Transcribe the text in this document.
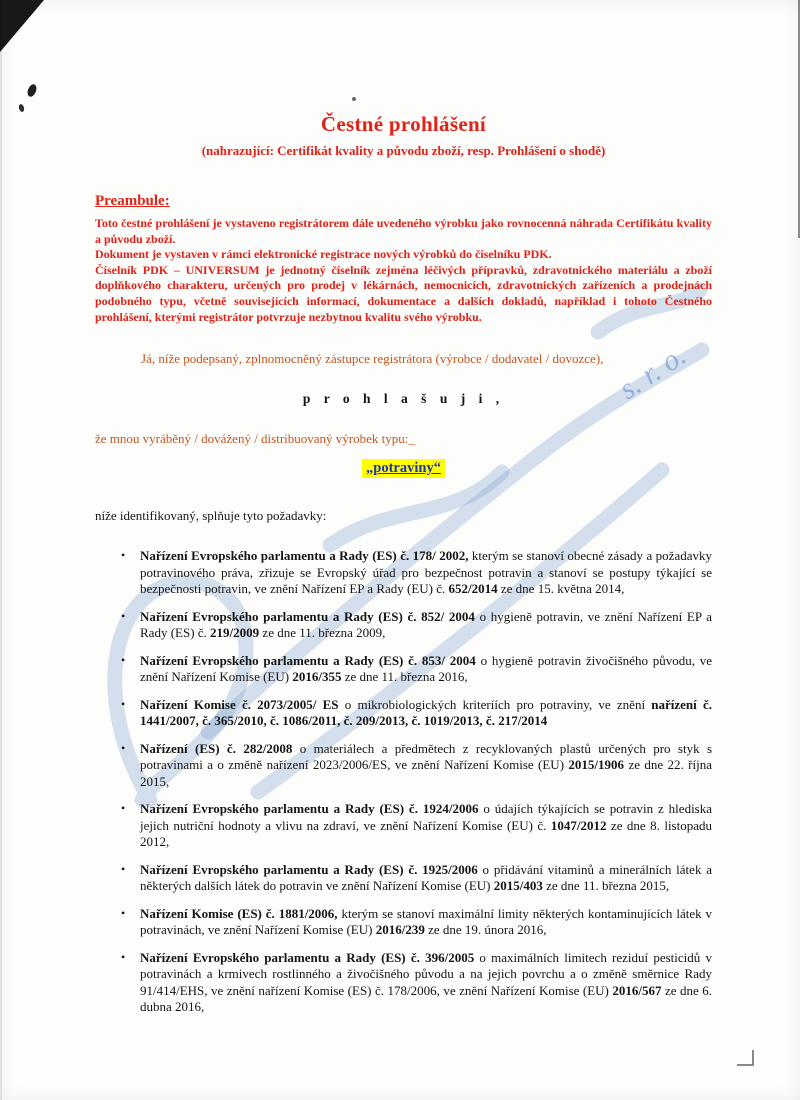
s. r. o.
Čestné prohlášení
(nahrazující: Certifikát kvality a původu zboží, resp. Prohlášení o shodě)
Preambule:

Toto čestné prohlášení je vystaveno registrátorem dále uvedeného výrobku jako rovnocenná náhrada Certifikátu kvality a původu zboží.

Dokument je vystaven v rámci elektronické registrace nových výrobků do číselníku PDK.

Číselník PDK – UNIVERSUM je jednotný číselník zejména léčivých přípravků, zdravotnického materiálu a zboží doplňkového charakteru, určených pro prodej v lékárnách, nemocnicích, zdravotnických zařízeních a prodejnách podobného typu, včetně souvisejících informací, dokumentace a dalších dokladů, například i tohoto Čestného prohlášení, kterými registrátor potvrzuje nezbytnou kvalitu svého výrobku.

Já, níže podepsaný, zplnomocněný zástupce registrátora (výrobce / dodavatel / dovozce),
p r o h l a š u j i ,
že mnou vyráběný / dovážený / distribuovaný výrobek typu:_
„potraviny“
níže identifikovaný, splňuje tyto požadavky:
• Nařízení Evropského parlamentu a Rady (ES) č. 178/ 2002, kterým se stanoví obecné zásady a požadavky potravinového práva, zřizuje se Evropský úřad pro bezpečnost potravin a stanoví se postupy týkající se bezpečnosti potravin, ve znění Nařízení EP a Rady (EU) č. 652/2014 ze dne 15. května 2014,
• Nařízení Evropského parlamentu a Rady (ES) č. 852/ 2004 o hygieně potravin, ve znění Nařízení EP a Rady (ES) č. 219/2009 ze dne 11. března 2009,
• Nařízení Evropského parlamentu a Rady (ES) č. 853/ 2004 o hygieně potravin živočišného původu, ve znění Nařízení Komise (EU) 2016/355 ze dne 11. března 2016,
• Nařízení Komise č. 2073/2005/ ES o mikrobiologických kriteríích pro potraviny, ve znění nařízení č. 1441/2007, č. 365/2010, č. 1086/2011, č. 209/2013, č. 1019/2013, č. 217/2014
• Nařízení (ES) č. 282/2008 o materiálech a předmětech z recyklovaných plastů určených pro styk s potravinami a o změně nařízení 2023/2006/ES, ve znění Nařízení Komise (EU) 2015/1906 ze dne 22. října 2015,
• Nařízení Evropského parlamentu a Rady (ES) č. 1924/2006 o údajích týkajících se potravin z hlediska jejich nutriční hodnoty a vlivu na zdraví, ve znění Nařízení Komise (EU) č. 1047/2012 ze dne 8. listopadu 2012,
• Nařízení Evropského parlamentu a Rady (ES) č. 1925/2006 o přidávání vitaminů a minerálních látek a některých dalších látek do potravin ve znění Nařízení Komise (EU) 2015/403 ze dne 11. března 2015,
• Nařízení Komise (ES) č. 1881/2006, kterým se stanoví maximální limity některých kontaminujících látek v potravinách, ve znění Nařízení Komise (EU) 2016/239 ze dne 19. února 2016,
• Nařízení Evropského parlamentu a Rady (ES) č. 396/2005 o maximálních limitech reziduí pesticidů v potravinách a krmivech rostlinného a živočišného původu a na jejich povrchu a o změně směrnice Rady 91/414/EHS, ve znění nařízení Komise (ES) č. 178/2006, ve znění Nařízení Komise (EU) 2016/567 ze dne 6. dubna 2016,
